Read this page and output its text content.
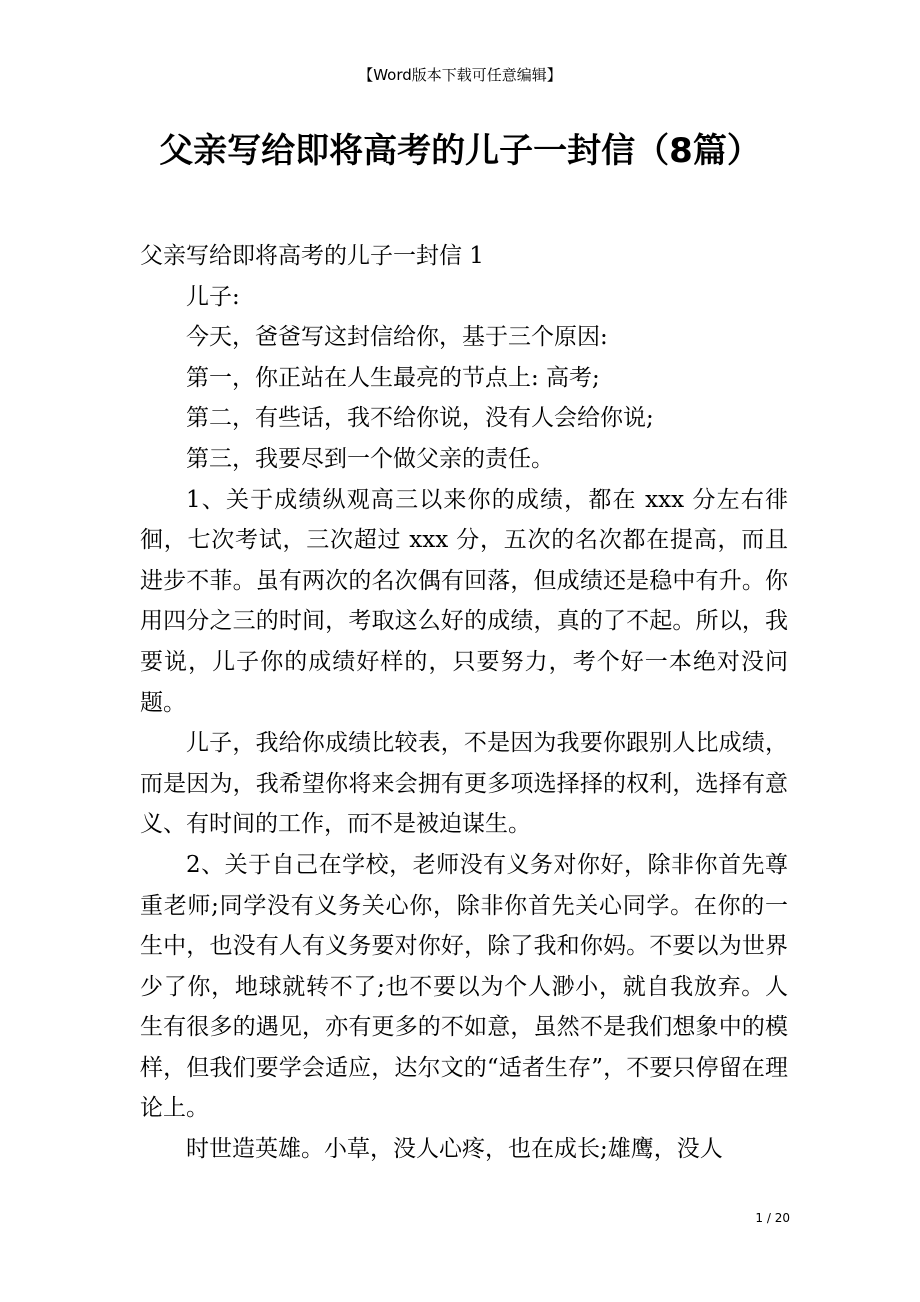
【Word版本下载可任意编辑】
父亲写给即将高考的儿子一封信（8篇）

父亲写给即将高考的儿子一封信 1

儿子:

今天，爸爸写这封信给你，基于三个原因:

第一，你正站在人生最亮的节点上: 高考;

第二，有些话，我不给你说，没有人会给你说;

第三，我要尽到一个做父亲的责任。

1、关于成绩纵观高三以来你的成绩，都在 xxx 分左右徘徊，七次考试，三次超过 xxx 分，五次的名次都在提高，而且进步不菲。虽有两次的名次偶有回落，但成绩还是稳中有升。你用四分之三的时间，考取这么好的成绩，真的了不起。所以，我要说，儿子你的成绩好样的，只要努力，考个好一本绝对没问题。

儿子，我给你成绩比较表，不是因为我要你跟别人比成绩，而是因为，我希望你将来会拥有更多项选择择的权利，选择有意义、有时间的工作，而不是被迫谋生。

2、关于自己在学校，老师没有义务对你好，除非你首先尊重老师;同学没有义务关心你，除非你首先关心同学。在你的一生中，也没有人有义务要对你好，除了我和你妈。不要以为世界少了你，地球就转不了;也不要以为个人渺小，就自我放弃。人生有很多的遇见，亦有更多的不如意，虽然不是我们想象中的模样，但我们要学会适应，达尔文的“适者生存”，不要只停留在理论上。

时世造英雄。小草，没人心疼，也在成长;雄鹰，没人

1 / 20
